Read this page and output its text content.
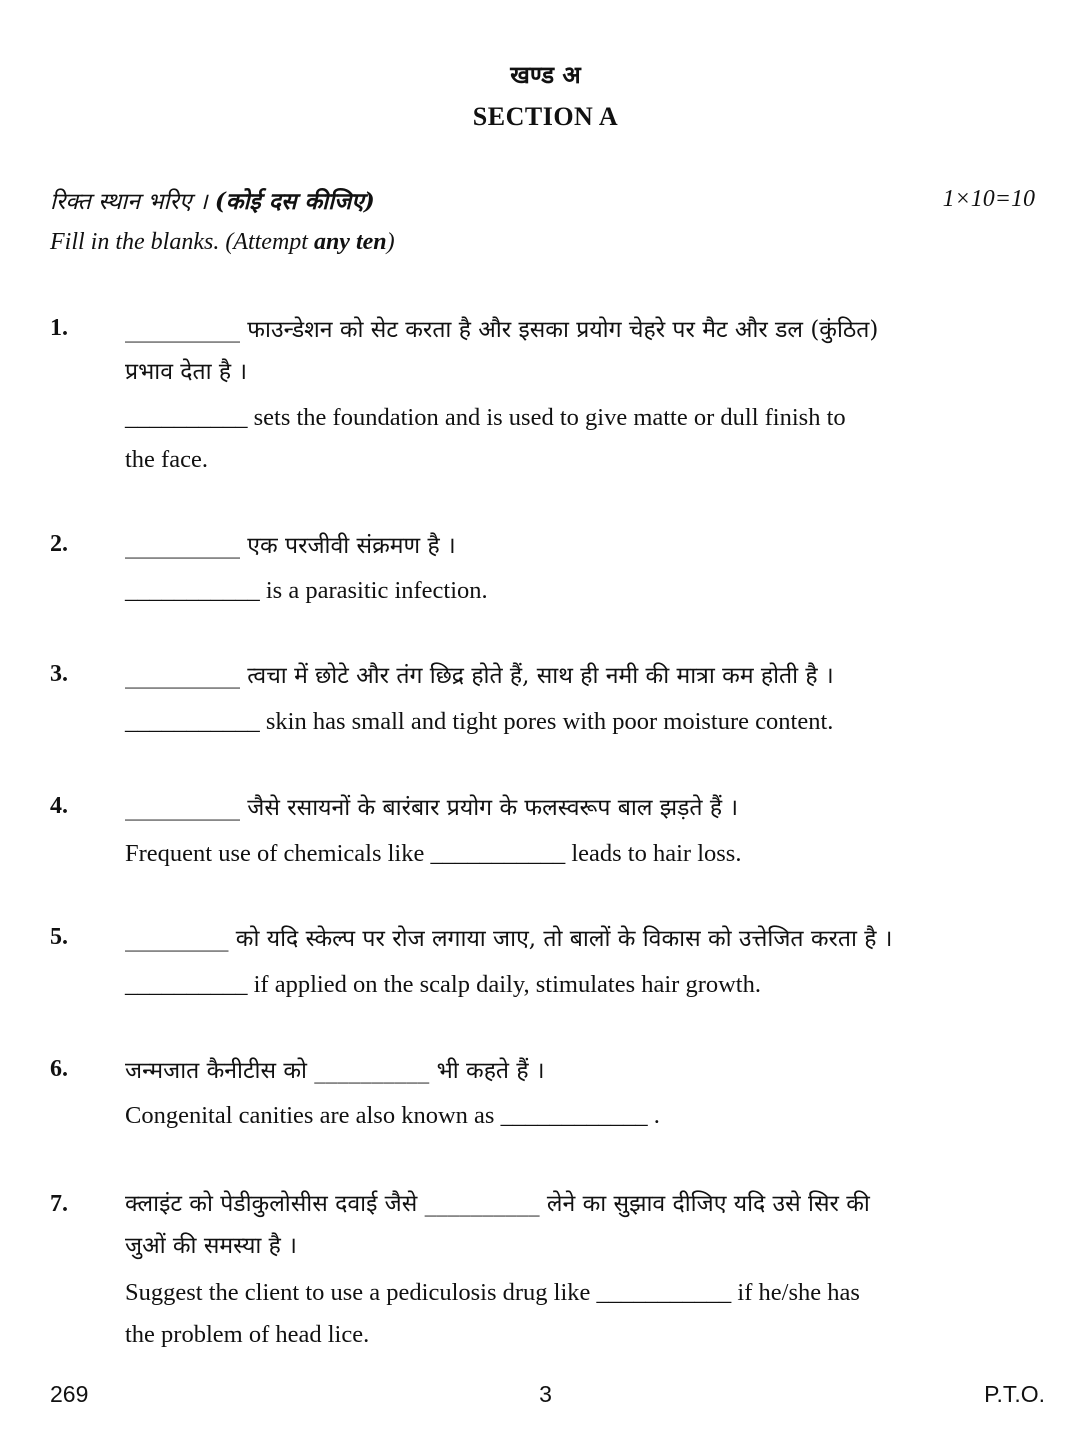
खण्ड अ
SECTION A
रिक्त स्थान भरिए । (कोई दस कीजिए)	1×10=10
Fill in the blanks. (Attempt any ten)
1. __________ फाउन्डेशन को सेट करता है और इसका प्रयोग चेहरे पर मैट और डल (कुंठित)
प्रभाव देता है ।
__________ sets the foundation and is used to give matte or dull finish to
the face.
2. __________ एक परजीवी संक्रमण है ।
___________ is a parasitic infection.
3. __________ त्वचा में छोटे और तंग छिद्र होते हैं, साथ ही नमी की मात्रा कम होती है ।
___________ skin has small and tight pores with poor moisture content.
4. __________ जैसे रसायनों के बारंबार प्रयोग के फलस्वरूप बाल झड़ते हैं ।
Frequent use of chemicals like ___________ leads to hair loss.
5. _________ को यदि स्केल्प पर रोज लगाया जाए, तो बालों के विकास को उत्तेजित करता है ।
__________ if applied on the scalp daily, stimulates hair growth.
6. जन्मजात कैनीटीस को __________ भी कहते हैं ।
Congenital canities are also known as ____________ .
7. क्लाइंट को पेडीकुलोसीस दवाई जैसे __________ लेने का सुझाव दीजिए यदि उसे सिर की
जुओं की समस्या है ।
Suggest the client to use a pediculosis drug like ___________ if he/she has
the problem of head lice.
269	3	P.T.O.
